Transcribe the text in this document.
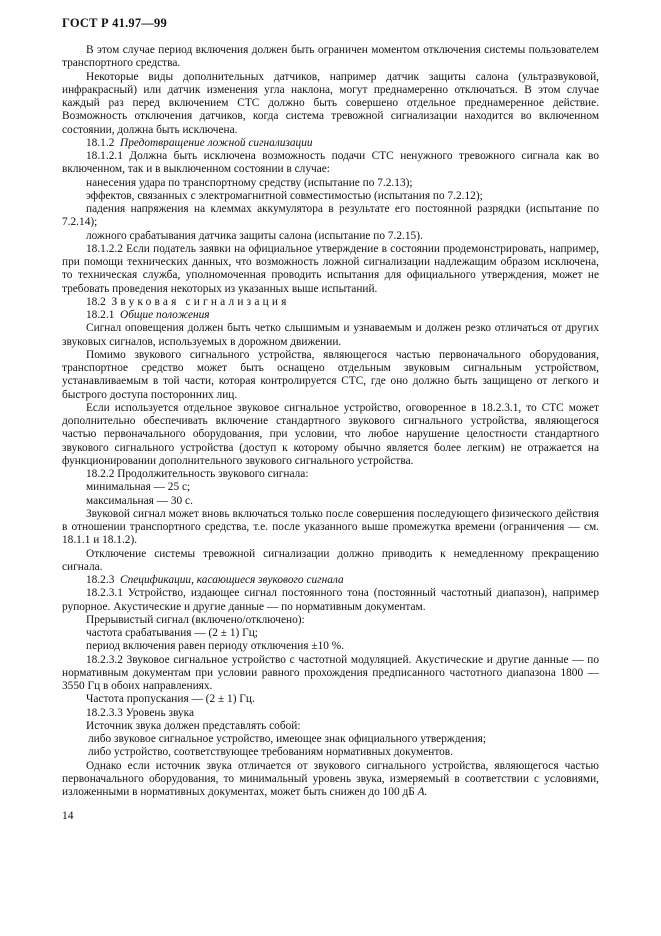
ГОСТ Р 41.97—99

В этом случае период включения должен быть ограничен моментом отключения системы пользователем транспортного средства.

Некоторые виды дополнительных датчиков, например датчик защиты салона (ультразвуковой, инфракрасный) или датчик изменения угла наклона, могут преднамеренно отключаться. В этом случае каждый раз перед включением СТС должно быть совершено отдельное преднамеренное действие. Возможность отключения датчиков, когда система тревожной сигнализации находится во включенном состоянии, должна быть исключена.

18.1.2 Предотвращение ложной сигнализации

18.1.2.1 Должна быть исключена возможность подачи СТС ненужного тревожного сигнала как во включенном, так и в выключенном состоянии в случае:

нанесения удара по транспортному средству (испытание по 7.2.13);

эффектов, связанных с электромагнитной совместимостью (испытания по 7.2.12);

падения напряжения на клеммах аккумулятора в результате его постоянной разрядки (испытание по 7.2.14);

ложного срабатывания датчика защиты салона (испытание по 7.2.15).

18.1.2.2 Если податель заявки на официальное утверждение в состоянии продемонстрировать, например, при помощи технических данных, что возможность ложной сигнализации надлежащим образом исключена, то техническая служба, уполномоченная проводить испытания для официального утверждения, может не требовать проведения некоторых из указанных выше испытаний.

18.2 Звуковая сигнализация

18.2.1 Общие положения

Сигнал оповещения должен быть четко слышимым и узнаваемым и должен резко отличаться от других звуковых сигналов, используемых в дорожном движении.

Помимо звукового сигнального устройства, являющегося частью первоначального оборудования, транспортное средство может быть оснащено отдельным звуковым сигнальным устройством, устанавливаемым в той части, которая контролируется СТС, где оно должно быть защищено от легкого и быстрого доступа посторонних лиц.

Если используется отдельное звуковое сигнальное устройство, оговоренное в 18.2.3.1, то СТС может дополнительно обеспечивать включение стандартного звукового сигнального устройства, являющегося частью первоначального оборудования, при условии, что любое нарушение целостности стандартного звукового сигнального устройства (доступ к которому обычно является более легким) не отражается на функционировании дополнительного звукового сигнального устройства.

18.2.2 Продолжительность звукового сигнала:

минимальная — 25 с;

максимальная — 30 с.

Звуковой сигнал может вновь включаться только после совершения последующего физического действия в отношении транспортного средства, т.е. после указанного выше промежутка времени (ограничения — см. 18.1.1 и 18.1.2).

Отключение системы тревожной сигнализации должно приводить к немедленному прекращению сигнала.

18.2.3 Спецификации, касающиеся звукового сигнала

18.2.3.1 Устройство, издающее сигнал постоянного тона (постоянный частотный диапазон), например рупорное. Акустические и другие данные — по нормативным документам.

Прерывистый сигнал (включено/отключено):

частота срабатывания — (2 ± 1) Гц;

период включения равен периоду отключения ±10 %.

18.2.3.2 Звуковое сигнальное устройство с частотной модуляцией. Акустические и другие данные — по нормативным документам при условии равного прохождения предписанного частотного диапазона 1800 — 3550 Гц в обоих направлениях.

Частота пропускания — (2 ± 1) Гц.

18.2.3.3 Уровень звука

Источник звука должен представлять собой:

либо звуковое сигнальное устройство, имеющее знак официального утверждения;

либо устройство, соответствующее требованиям нормативных документов.

Однако если источник звука отличается от звукового сигнального устройства, являющегося частью первоначального оборудования, то минимальный уровень звука, измеряемый в соответствии с условиями, изложенными в нормативных документах, может быть снижен до 100 дБ А.

14
